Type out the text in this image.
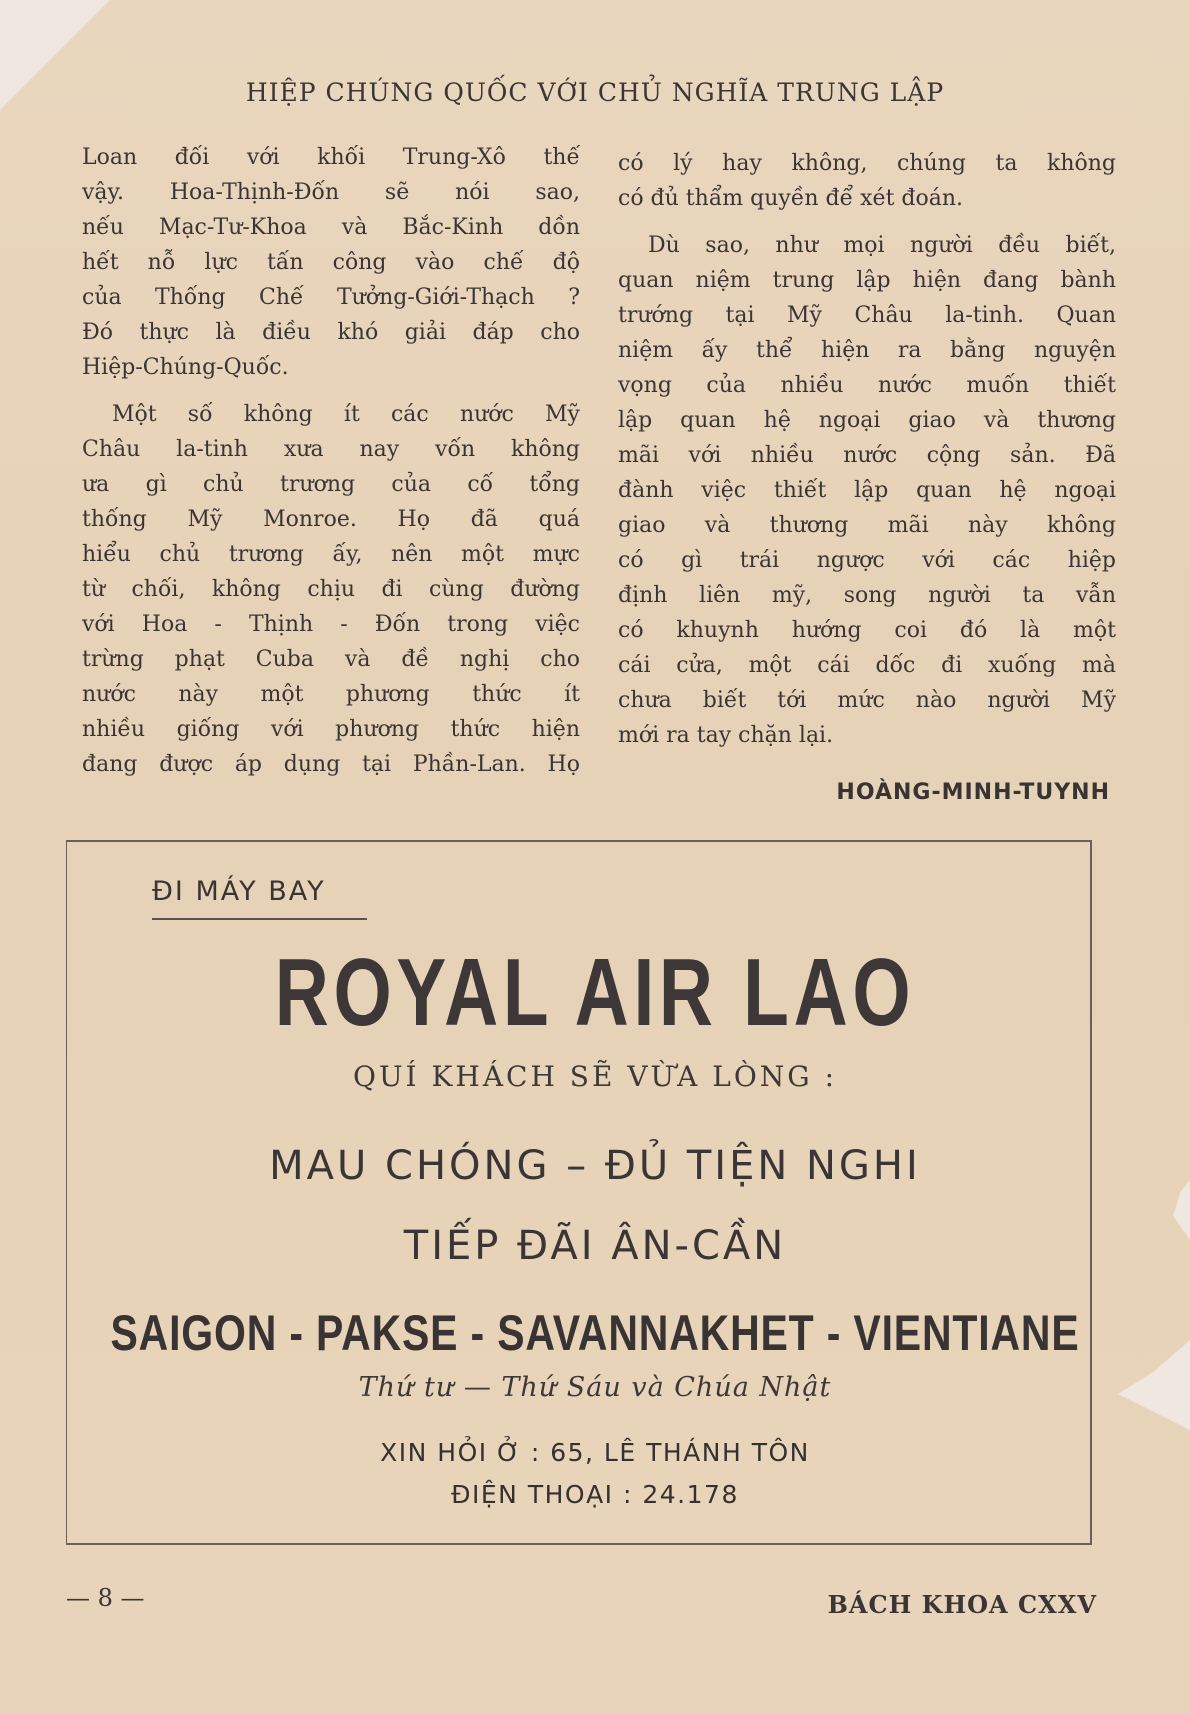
HIỆP CHÚNG QUỐC VỚI CHỦ NGHĨA TRUNG LẬP
Loan đối với khối Trung-Xô thế
vậy. Hoa-Thịnh-Đốn sẽ nói sao,
nếu Mạc-Tư-Khoa và Bắc-Kinh dồn
hết nỗ lực tấn công vào chế độ
của Thống Chế Tưởng-Giới-Thạch ?
Đó thực là điều khó giải đáp cho
Hiệp-Chúng-Quốc.
Một số không ít các nước Mỹ
Châu la-tinh xưa nay vốn không
ưa gì chủ trương của cố tổng
thống Mỹ Monroe. Họ đã quá
hiểu chủ trương ấy, nên một mực
từ chối, không chịu đi cùng đường
với Hoa - Thịnh - Đốn trong việc
trừng phạt Cuba và đề nghị cho
nước này một phương thức ít
nhiều giống với phương thức hiện
đang được áp dụng tại Phần-Lan. Họ
có lý hay không, chúng ta không
có đủ thẩm quyền để xét đoán.
Dù sao, như mọi người đều biết,
quan niệm trung lập hiện đang bành
trướng tại Mỹ Châu la-tinh. Quan
niệm ấy thể hiện ra bằng nguyện
vọng của nhiều nước muốn thiết
lập quan hệ ngoại giao và thương
mãi với nhiều nước cộng sản. Đã
đành việc thiết lập quan hệ ngoại
giao và thương mãi này không
có gì trái ngược với các hiệp
định liên mỹ, song người ta vẫn
có khuynh hướng coi đó là một
cái cửa, một cái dốc đi xuống mà
chưa biết tới mức nào người Mỹ
mới ra tay chặn lại.
HOÀNG-MINH-TUYNH
ĐI MÁY BAY
ROYAL AIR LAO
QUÍ KHÁCH SẼ VỪA LÒNG :
MAU CHÓNG – ĐỦ TIỆN NGHI
TIẾP ĐÃI ÂN-CẦN
SAIGON - PAKSE - SAVANNAKHET - VIENTIANE
Thứ tư — Thứ Sáu và Chúa Nhật
XIN HỎI Ở : 65, LÊ THÁNH TÔN
ĐIỆN THOẠI : 24.178
— 8 —	BÁCH KHOA CXXV
